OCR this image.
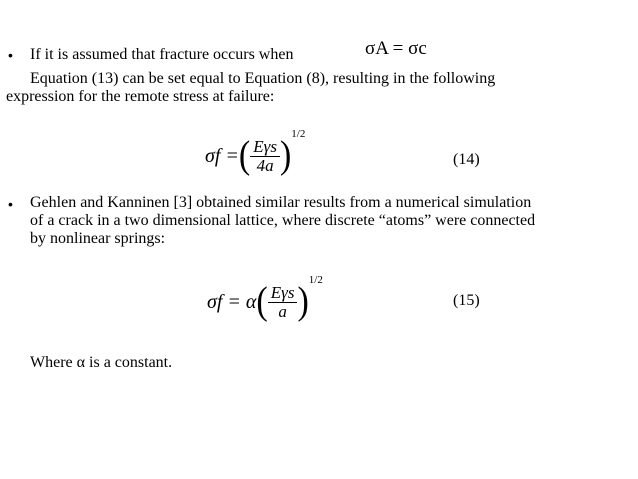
• If it is assumed that fracture occurs when	σA = σc
Equation (13) can be set equal to Equation (8), resulting in the following
expression for the remote stress at failure:
σf = ( $\frac{\text{Eγs}}{4a}$ )
$^{1/2}$
(14)
• Gehlen and Kanninen [3] obtained similar results from a numerical simulation
of a crack in a two dimensional lattice, where discrete “atoms” were connected
by nonlinear springs:
σf = α ( $\frac{\text{Eγs}}{a}$ )
$^{1/2}$
(15)
Where α is a constant.
